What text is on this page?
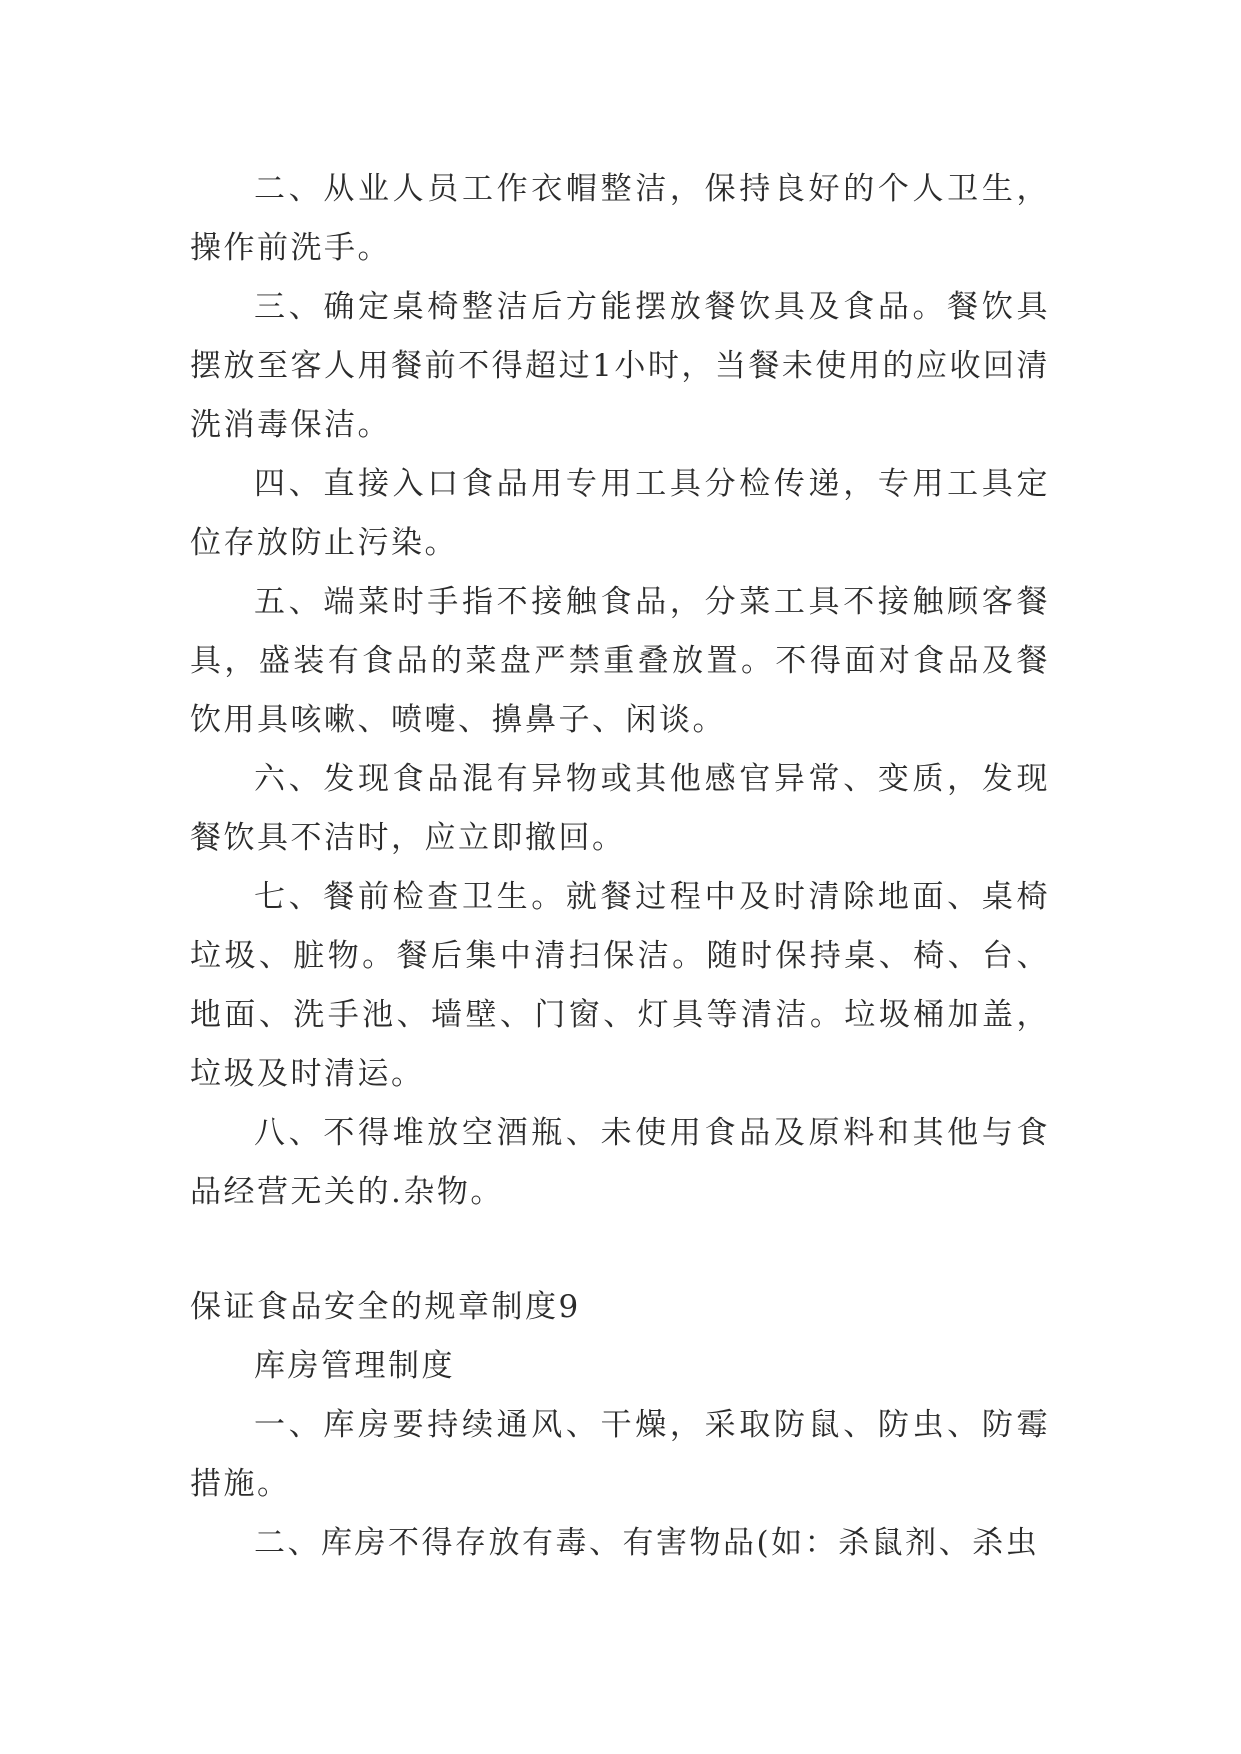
二、从业人员工作衣帽整洁，保持良好的个人卫生，操作前洗手。

三、确定桌椅整洁后方能摆放餐饮具及食品。餐饮具摆放至客人用餐前不得超过1小时，当餐未使用的应收回清洗消毒保洁。

四、直接入口食品用专用工具分检传递，专用工具定位存放防止污染。

五、端菜时手指不接触食品，分菜工具不接触顾客餐具，盛装有食品的菜盘严禁重叠放置。不得面对食品及餐饮用具咳嗽、喷嚏、擤鼻子、闲谈。

六、发现食品混有异物或其他感官异常、变质，发现餐饮具不洁时，应立即撤回。

七、餐前检查卫生。就餐过程中及时清除地面、桌椅垃圾、脏物。餐后集中清扫保洁。随时保持桌、椅、台、地面、洗手池、墙壁、门窗、灯具等清洁。垃圾桶加盖，垃圾及时清运。

八、不得堆放空酒瓶、未使用食品及原料和其他与食品经营无关的.杂物。

保证食品安全的规章制度9

库房管理制度

一、库房要持续通风、干燥，采取防鼠、防虫、防霉措施。

二、库房不得存放有毒、有害物品(如：杀鼠剂、杀虫
